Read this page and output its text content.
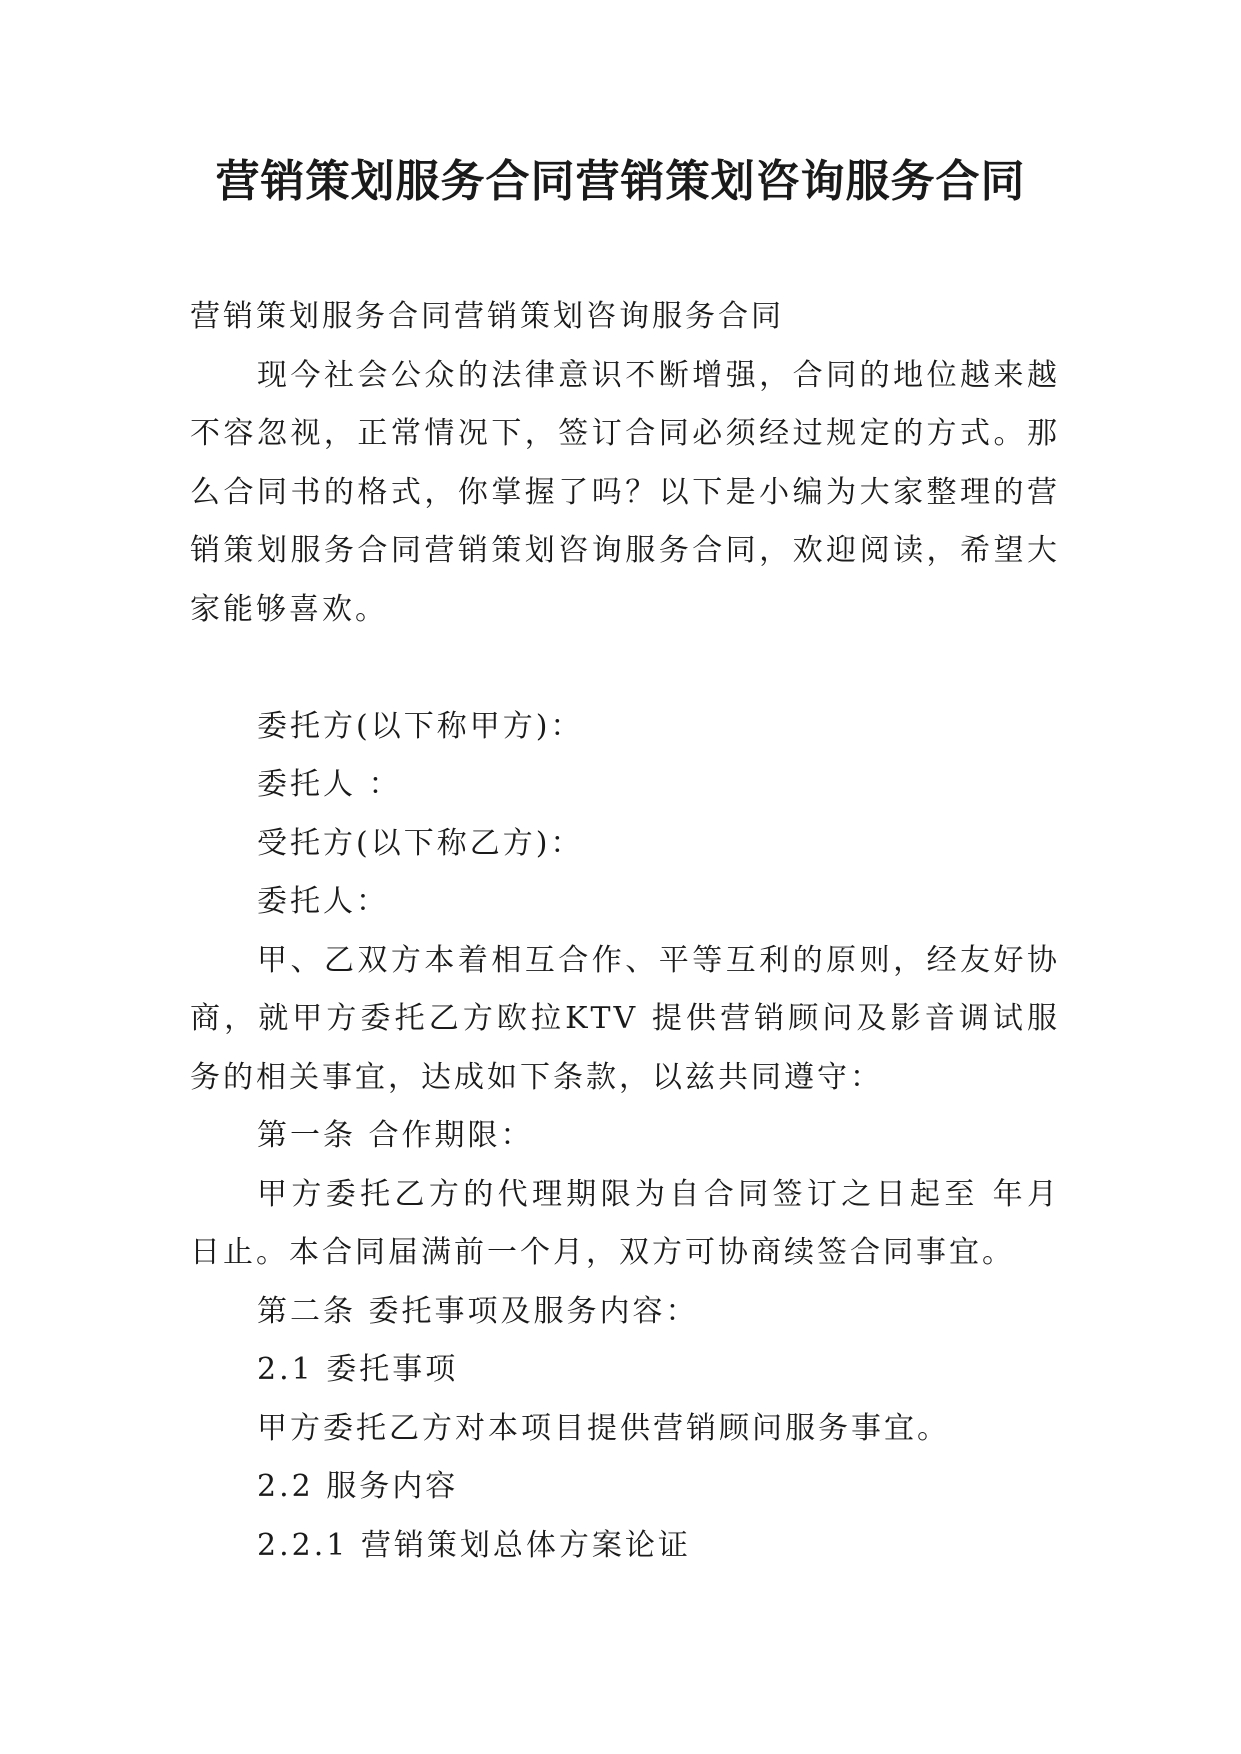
营销策划服务合同营销策划咨询服务合同

营销策划服务合同营销策划咨询服务合同

现今社会公众的法律意识不断增强，合同的地位越来越不容忽视，正常情况下，签订合同必须经过规定的方式。那么合同书的格式，你掌握了吗？以下是小编为大家整理的营销策划服务合同营销策划咨询服务合同，欢迎阅读，希望大家能够喜欢。

委托方(以下称甲方)：

委托人 ：

受托方(以下称乙方)：

委托人：

甲、乙双方本着相互合作、平等互利的原则，经友好协商，就甲方委托乙方欧拉KTV 提供营销顾问及影音调试服务的相关事宜，达成如下条款，以兹共同遵守：

第一条 合作期限：

甲方委托乙方的代理期限为自合同签订之日起至 年月 日止。本合同届满前一个月，双方可协商续签合同事宜。

第二条 委托事项及服务内容：

2.1 委托事项

甲方委托乙方对本项目提供营销顾问服务事宜。

2.2 服务内容

2.2.1 营销策划总体方案论证
